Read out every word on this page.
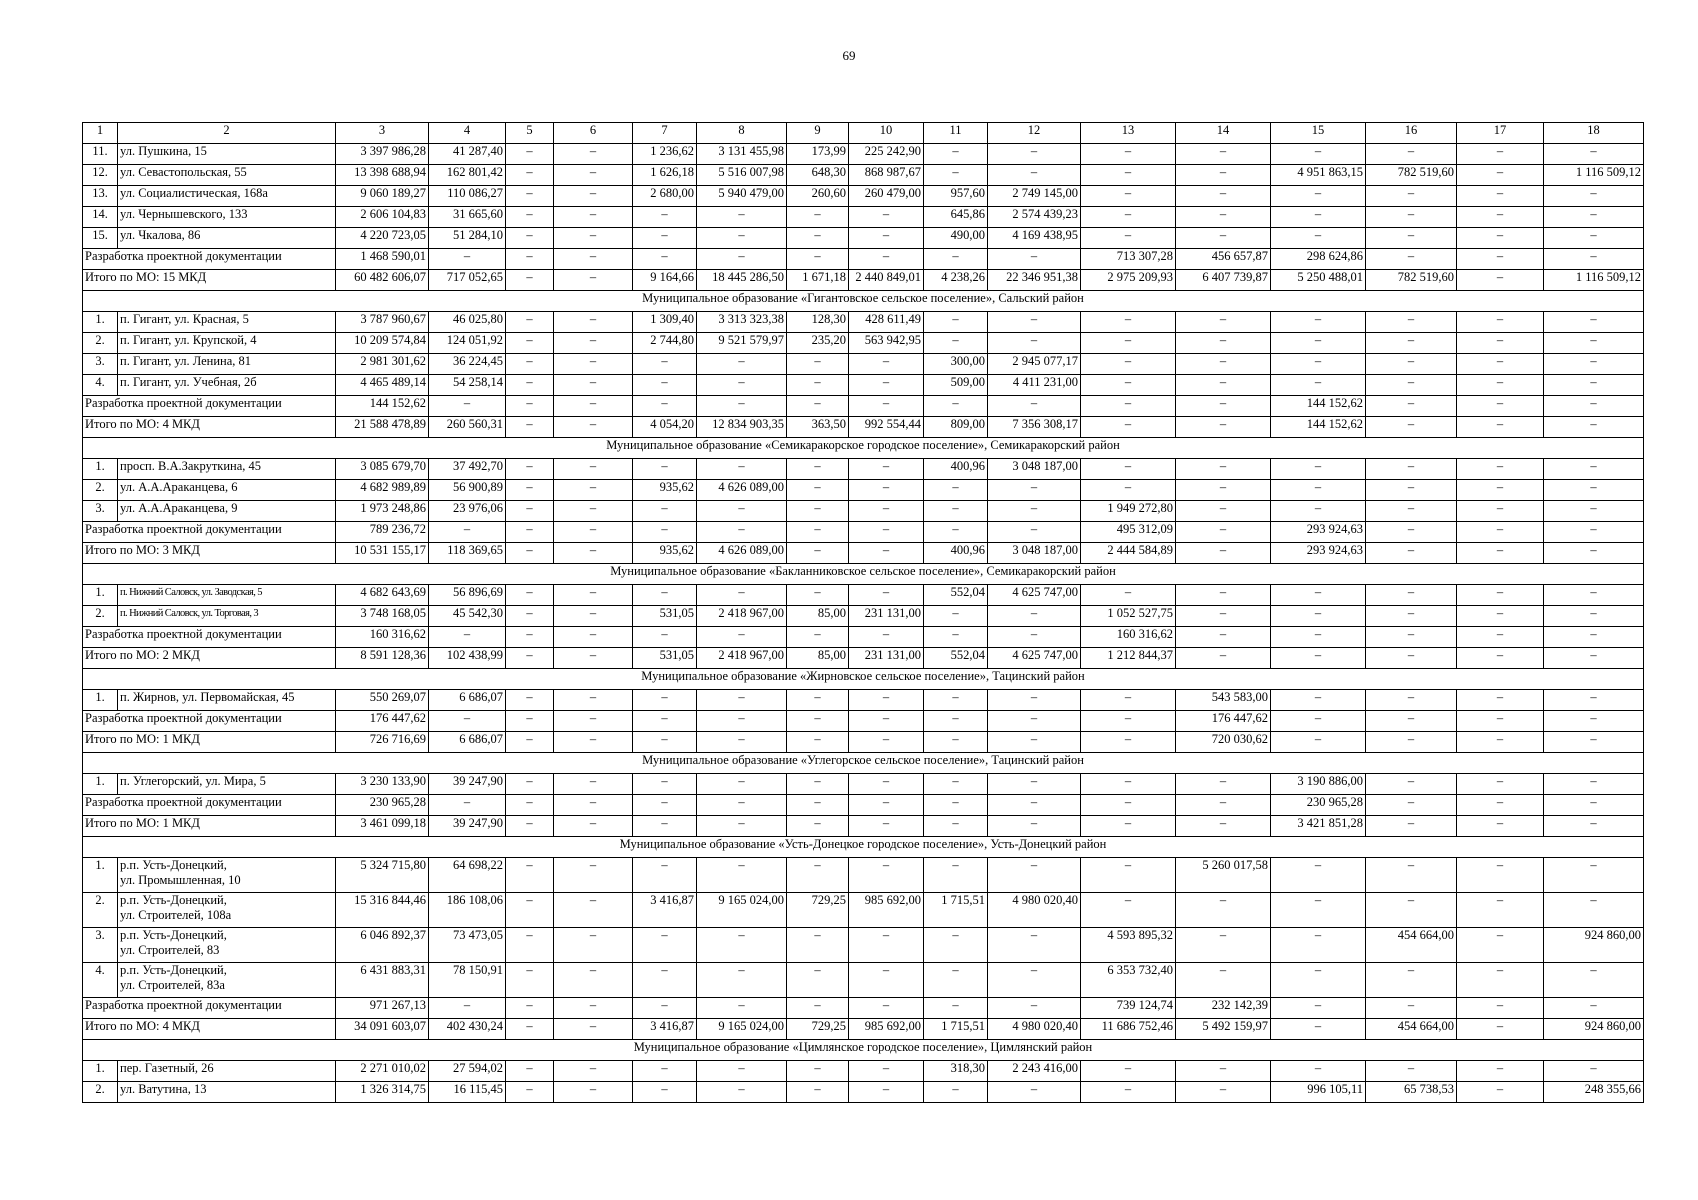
69
1	2	3	4	5	6	7	8	9	10	11	12	13	14	15	16	17	18
11.	ул. Пушкина, 15	3 397 986,28	41 287,40	–	–	1 236,62	3 131 455,98	173,99	225 242,90	–	–	–	–	–	–	–	–
12.	ул. Севастопольская, 55	13 398 688,94	162 801,42	–	–	1 626,18	5 516 007,98	648,30	868 987,67	–	–	–	–	4 951 863,15	782 519,60	–	1 116 509,12
13.	ул. Социалистическая, 168а	9 060 189,27	110 086,27	–	–	2 680,00	5 940 479,00	260,60	260 479,00	957,60	2 749 145,00	–	–	–	–	–	–
14.	ул. Чернышевского, 133	2 606 104,83	31 665,60	–	–	–	–	–	–	645,86	2 574 439,23	–	–	–	–	–	–
15.	ул. Чкалова, 86	4 220 723,05	51 284,10	–	–	–	–	–	–	490,00	4 169 438,95	–	–	–	–	–	–
Разработка проектной документации		1 468 590,01	–	–	–	–	–	–	–	–	–	713 307,28	456 657,87	298 624,86	–	–	–
Итого по МО: 15 МКД		60 482 606,07	717 052,65	–	–	9 164,66	18 445 286,50	1 671,18	2 440 849,01	4 238,26	22 346 951,38	2 975 209,93	6 407 739,87	5 250 488,01	782 519,60	–	1 116 509,12
Муниципальное образование «Гигантовское сельское поселение», Сальский район																	
1.	п. Гигант, ул. Красная, 5	3 787 960,67	46 025,80	–	–	1 309,40	3 313 323,38	128,30	428 611,49	–	–	–	–	–	–	–	–
2.	п. Гигант, ул. Крупской, 4	10 209 574,84	124 051,92	–	–	2 744,80	9 521 579,97	235,20	563 942,95	–	–	–	–	–	–	–	–
3.	п. Гигант, ул. Ленина, 81	2 981 301,62	36 224,45	–	–	–	–	–	–	300,00	2 945 077,17	–	–	–	–	–	–
4.	п. Гигант, ул. Учебная, 2б	4 465 489,14	54 258,14	–	–	–	–	–	–	509,00	4 411 231,00	–	–	–	–	–	–
Разработка проектной документации		144 152,62	–	–	–	–	–	–	–	–	–	–	–	144 152,62	–	–	–
Итого по МО: 4 МКД		21 588 478,89	260 560,31	–	–	4 054,20	12 834 903,35	363,50	992 554,44	809,00	7 356 308,17	–	–	144 152,62	–	–	–
Муниципальное образование «Семикаракорское городское поселение», Семикаракорский район																	
1.	просп. В.А.Закруткина, 45	3 085 679,70	37 492,70	–	–	–	–	–	–	400,96	3 048 187,00	–	–	–	–	–	–
2.	ул. А.А.Араканцева, 6	4 682 989,89	56 900,89	–	–	935,62	4 626 089,00	–	–	–	–	–	–	–	–	–	–
3.	ул. А.А.Араканцева, 9	1 973 248,86	23 976,06	–	–	–	–	–	–	–	–	1 949 272,80	–	–	–	–	–
Разработка проектной документации		789 236,72	–	–	–	–	–	–	–	–	–	495 312,09	–	293 924,63	–	–	–
Итого по МО: 3 МКД		10 531 155,17	118 369,65	–	–	935,62	4 626 089,00	–	–	400,96	3 048 187,00	2 444 584,89	–	293 924,63	–	–	–
Муниципальное образование «Бакланниковское сельское поселение», Семикаракорский район																	
1.	п. Нижний Саловск, ул. Заводская, 5	4 682 643,69	56 896,69	–	–	–	–	–	–	552,04	4 625 747,00	–	–	–	–	–	–
2.	п. Нижний Саловск, ул. Торговая, 3	3 748 168,05	45 542,30	–	–	531,05	2 418 967,00	85,00	231 131,00	–	–	1 052 527,75	–	–	–	–	–
Разработка проектной документации		160 316,62	–	–	–	–	–	–	–	–	–	160 316,62	–	–	–	–	–
Итого по МО: 2 МКД		8 591 128,36	102 438,99	–	–	531,05	2 418 967,00	85,00	231 131,00	552,04	4 625 747,00	1 212 844,37	–	–	–	–	–
Муниципальное образование «Жирновское сельское поселение», Тацинский район																	
1.	п. Жирнов, ул. Первомайская, 45	550 269,07	6 686,07	–	–	–	–	–	–	–	–	–	543 583,00	–	–	–	–
Разработка проектной документации		176 447,62	–	–	–	–	–	–	–	–	–	–	176 447,62	–	–	–	–
Итого по МО: 1 МКД		726 716,69	6 686,07	–	–	–	–	–	–	–	–	–	720 030,62	–	–	–	–
Муниципальное образование «Углегорское сельское поселение», Тацинский район																	
1.	п. Углегорский, ул. Мира, 5	3 230 133,90	39 247,90	–	–	–	–	–	–	–	–	–	–	3 190 886,00	–	–	–
Разработка проектной документации		230 965,28	–	–	–	–	–	–	–	–	–	–	–	230 965,28	–	–	–
Итого по МО: 1 МКД		3 461 099,18	39 247,90	–	–	–	–	–	–	–	–	–	–	3 421 851,28	–	–	–
Муниципальное образование «Усть-Донецкое городское поселение», Усть-Донецкий район																	
1.	р.п. Усть-Донецкий,
ул. Промышленная, 10	5 324 715,80	64 698,22	–	–	–	–	–	–	–	–	–	5 260 017,58	–	–	–	–
2.	р.п. Усть-Донецкий,
ул. Строителей, 108а	15 316 844,46	186 108,06	–	–	3 416,87	9 165 024,00	729,25	985 692,00	1 715,51	4 980 020,40	–	–	–	–	–	–
3.	р.п. Усть-Донецкий,
ул. Строителей, 83	6 046 892,37	73 473,05	–	–	–	–	–	–	–	–	4 593 895,32	–	–	454 664,00	–	924 860,00
4.	р.п. Усть-Донецкий,
ул. Строителей, 83а	6 431 883,31	78 150,91	–	–	–	–	–	–	–	–	6 353 732,40	–	–	–	–	–
Разработка проектной документации		971 267,13	–	–	–	–	–	–	–	–	–	739 124,74	232 142,39	–	–	–	–
Итого по МО: 4 МКД		34 091 603,07	402 430,24	–	–	3 416,87	9 165 024,00	729,25	985 692,00	1 715,51	4 980 020,40	11 686 752,46	5 492 159,97	–	454 664,00	–	924 860,00
Муниципальное образование «Цимлянское городское поселение», Цимлянский район																	
1.	пер. Газетный, 26	2 271 010,02	27 594,02	–	–	–	–	–	–	318,30	2 243 416,00	–	–	–	–	–	–
2.	ул. Ватутина, 13	1 326 314,75	16 115,45	–	–	–	–	–	–	–	–	–	–	996 105,11	65 738,53	–	248 355,66
